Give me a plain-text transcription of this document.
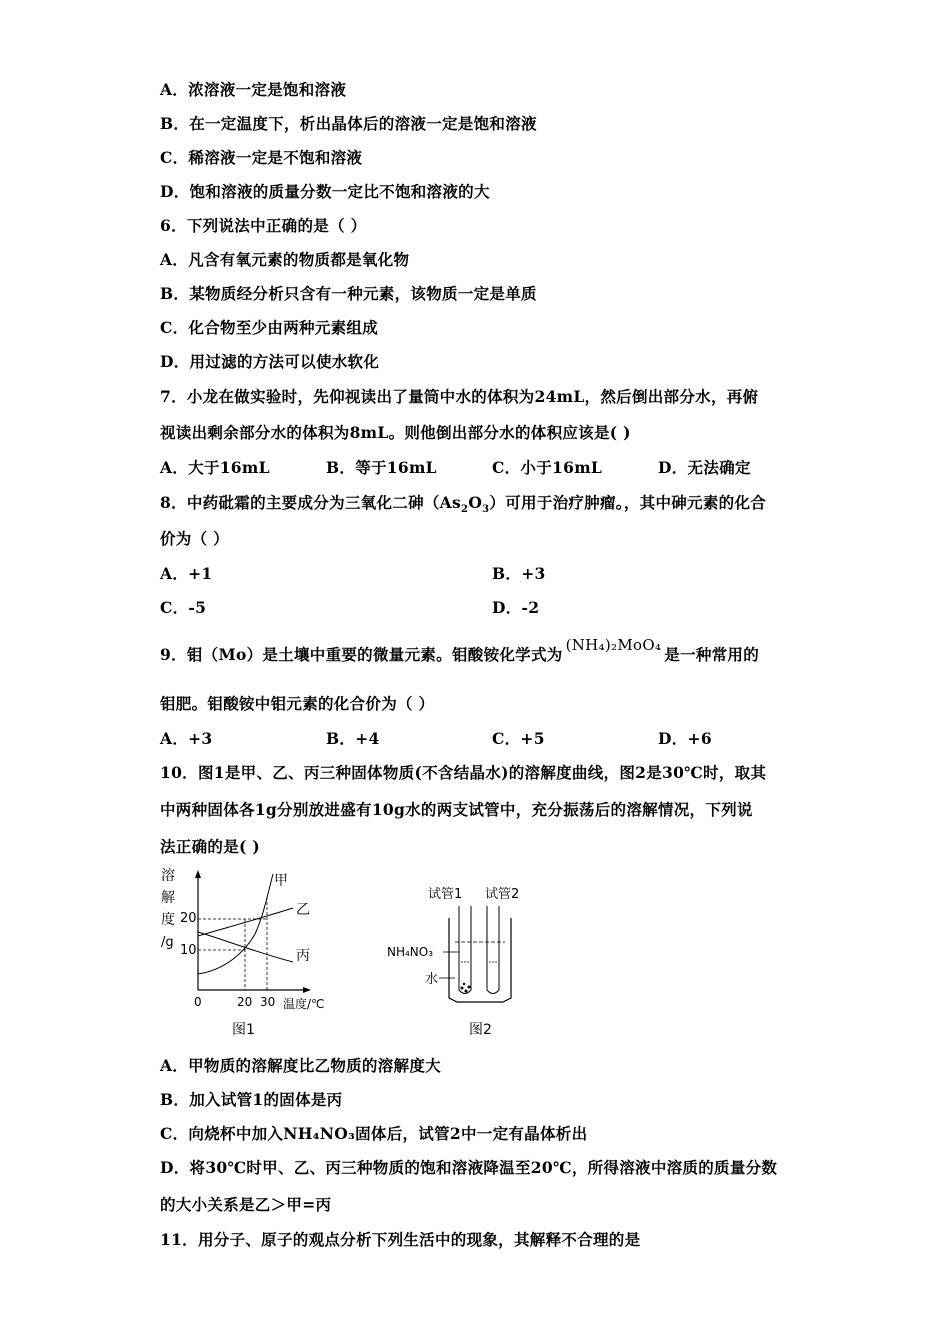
A．浓溶液一定是饱和溶液
B．在一定温度下，析出晶体后的溶液一定是饱和溶液
C．稀溶液一定是不饱和溶液
D．饱和溶液的质量分数一定比不饱和溶液的大
6．下列说法中正确的是（ ）
A．凡含有氧元素的物质都是氧化物
B．某物质经分析只含有一种元素，该物质一定是单质
C．化合物至少由两种元素组成
D．用过滤的方法可以使水软化
7．小龙在做实验时，先仰视读出了量筒中水的体积为24mL，然后倒出部分水，再俯
视读出剩余部分水的体积为8mL。则他倒出部分水的体积应该是( )
A．大于16mL	B．等于16mL	C．小于16mL	D．无法确定
8．中药砒霜的主要成分为三氧化二砷$(As_2O_3)$可用于治疗肿瘤。，其中砷元素的化合
价为（ ）
A．+1	B．+3
C．-5	D．-2
9．钼（Mo）是土壤中重要的微量元素。钼酸铵化学式为 (NH₄)₂MoO₄ 是一种常用的
钼肥。钼酸铵中钼元素的化合价为（ ）
A．+3	B．+4	C．+5	D．+6
10．图1是甲、乙、丙三种固体物质(不含结晶水)的溶解度曲线，图2是30℃时，取其
中两种固体各1g分别放进盛有10g水的两支试管中，充分振荡后的溶解情况，下列说
法正确的是( )
溶
解
度
/g
20
10
甲
乙
丙
0	20 30 温度/℃
图1
试管1 试管2
NH₄NO₃
水
图2
A．甲物质的溶解度比乙物质的溶解度大
B．加入试管1的固体是丙
C．向烧杯中加入NH₄NO₃固体后，试管2中一定有晶体析出
D．将30℃时甲、乙、丙三种物质的饱和溶液降温至20℃，所得溶液中溶质的质量分数
的大小关系是乙＞甲=丙
11．用分子、原子的观点分析下列生活中的现象，其解释不合理的是
